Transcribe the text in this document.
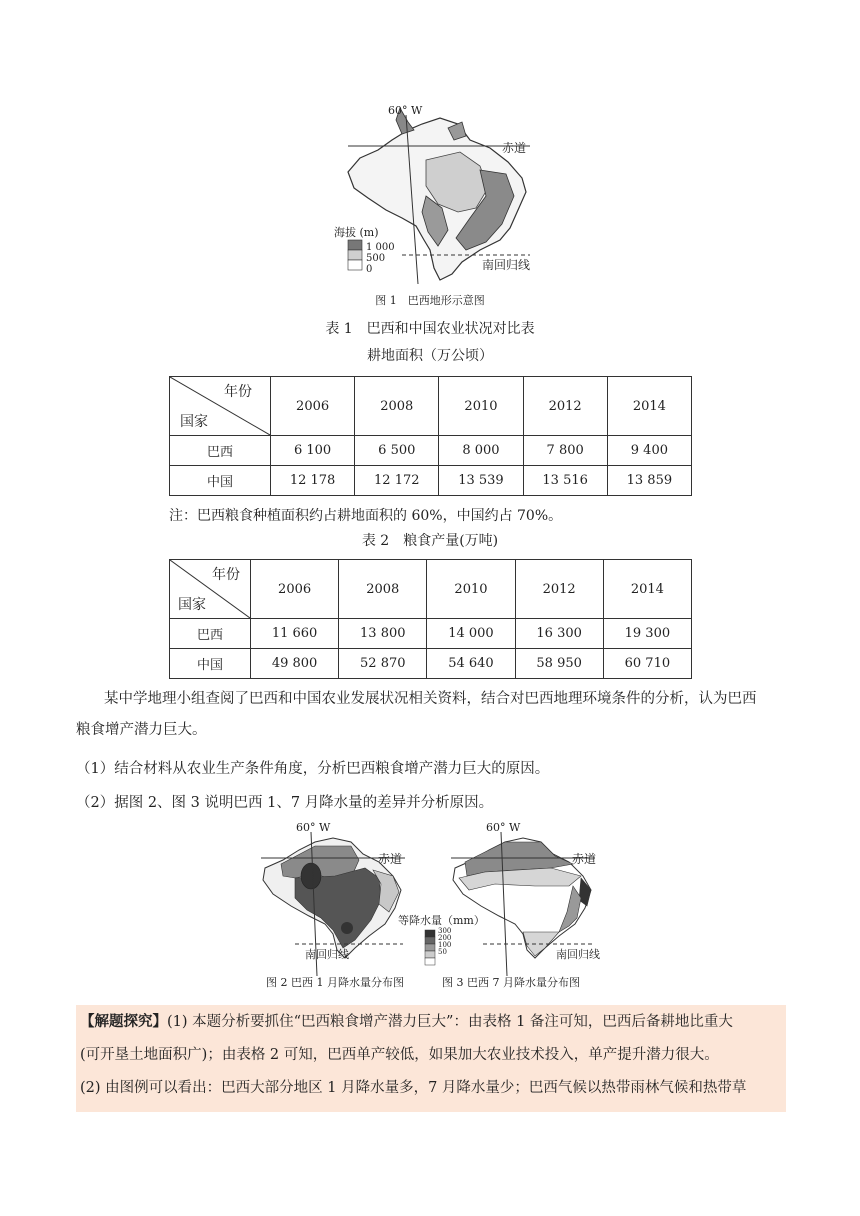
60° W
赤道
南回归线
海拔 (m)
1 000
500
0
图 1　巴西地形示意图
表 1　巴西和中国农业状况对比表
耕地面积（万公顷）
年份
国家	2006	2008	2010	2012	2014
巴西	6 100	6 500	8 000	7 800	9 400
中国	12 178	12 172	13 539	13 516	13 859
注：巴西粮食种植面积约占耕地面积的 60%，中国约占 70%。
表 2　粮食产量(万吨)
年份
国家	2006	2008	2010	2012	2014
巴西	11 660	13 800	14 000	16 300	19 300
中国	49 800	52 870	54 640	58 950	60 710
某中学地理小组查阅了巴西和中国农业发展状况相关资料，结合对巴西地理环境条件的分析，认为巴西
粮食增产潜力巨大。
（1）结合材料从农业生产条件角度，分析巴西粮食增产潜力巨大的原因。
（2）据图 2、图 3 说明巴西 1、7 月降水量的差异并分析原因。
60° W	60° W
赤道	赤道
南回归线	南回归线
等降水量（mm）
300
200
100
50
图 2 巴西 1 月降水量分布图	图 3 巴西 7 月降水量分布图

【解题探究】(1) 本题分析要抓住“巴西粮食增产潜力巨大”：由表格 1 备注可知，巴西后备耕地比重大

(可开垦土地面积广)；由表格 2 可知，巴西单产较低，如果加大农业技术投入，单产提升潜力很大。

(2) 由图例可以看出：巴西大部分地区 1 月降水量多，7 月降水量少；巴西气候以热带雨林气候和热带草
